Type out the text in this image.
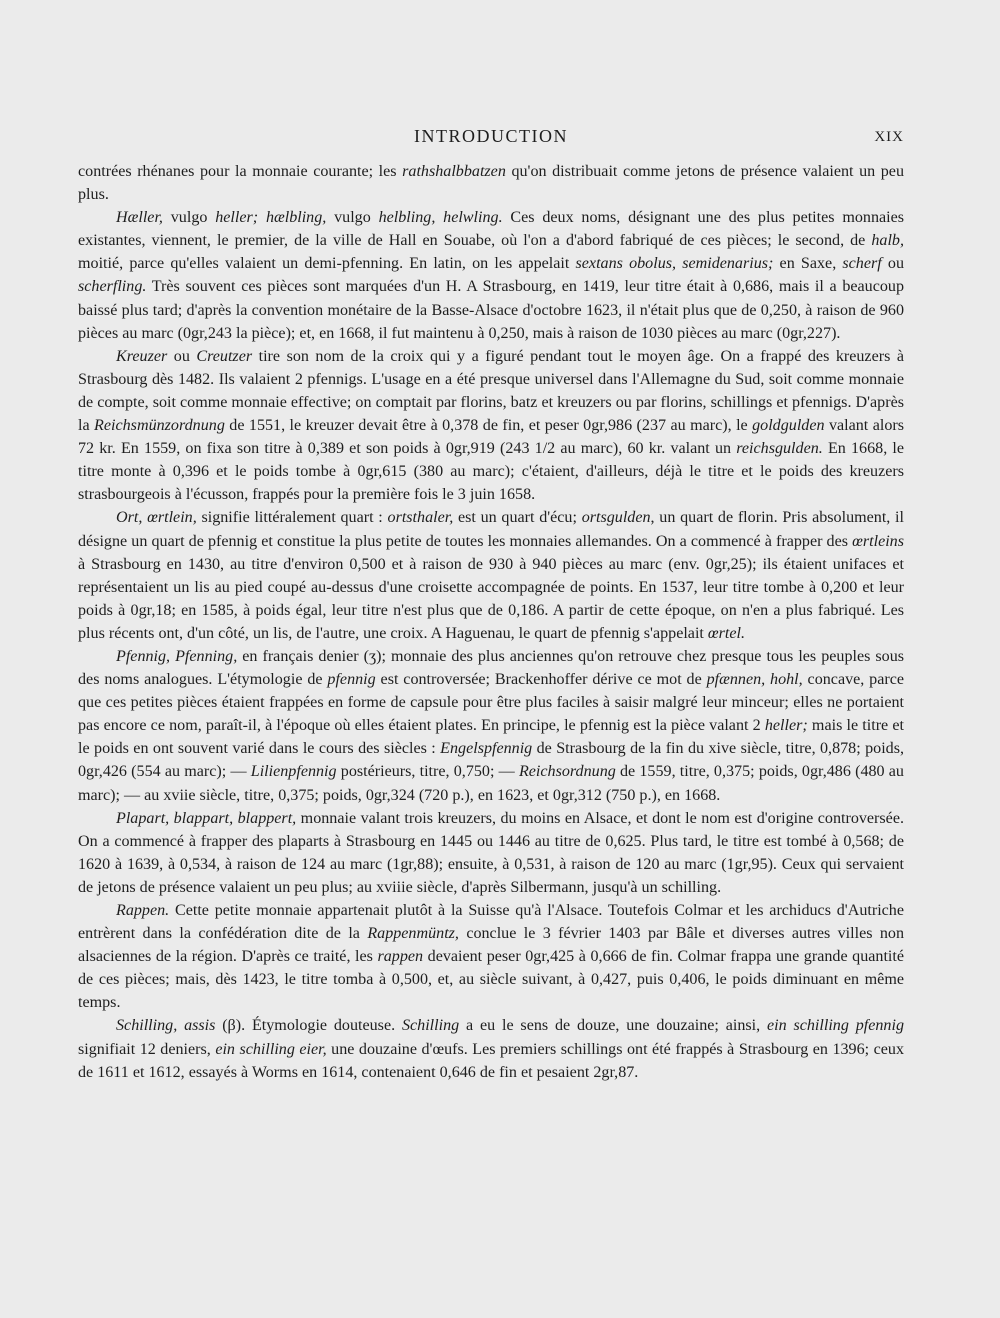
INTRODUCTION	XIX

contrées rhénanes pour la monnaie courante; les rathshalbbatzen qu'on distribuait comme jetons de présence valaient un peu plus.

Hæller, vulgo heller; hælbling, vulgo helbling, helwling. Ces deux noms, désignant une des plus petites monnaies existantes, viennent, le premier, de la ville de Hall en Souabe, où l'on a d'abord fabriqué de ces pièces; le second, de halb, moitié, parce qu'elles valaient un demi-pfenning. En latin, on les appelait sextans obolus, semidenarius; en Saxe, scherf ou scherfling. Très souvent ces pièces sont marquées d'un H. A Strasbourg, en 1419, leur titre était à 0,686, mais il a beaucoup baissé plus tard; d'après la convention monétaire de la Basse-Alsace d'octobre 1623, il n'était plus que de 0,250, à raison de 960 pièces au marc (0gr,243 la pièce); et, en 1668, il fut maintenu à 0,250, mais à raison de 1030 pièces au marc (0gr,227).

Kreuzer ou Creutzer tire son nom de la croix qui y a figuré pendant tout le moyen âge. On a frappé des kreuzers à Strasbourg dès 1482. Ils valaient 2 pfennigs. L'usage en a été presque universel dans l'Allemagne du Sud, soit comme monnaie de compte, soit comme monnaie effective; on comptait par florins, batz et kreuzers ou par florins, schillings et pfennigs. D'après la Reichsmünzordnung de 1551, le kreuzer devait être à 0,378 de fin, et peser 0gr,986 (237 au marc), le goldgulden valant alors 72 kr. En 1559, on fixa son titre à 0,389 et son poids à 0gr,919 (243 1/2 au marc), 60 kr. valant un reichsgulden. En 1668, le titre monte à 0,396 et le poids tombe à 0gr,615 (380 au marc); c'étaient, d'ailleurs, déjà le titre et le poids des kreuzers strasbourgeois à l'écusson, frappés pour la première fois le 3 juin 1658.

Ort, œrtlein, signifie littéralement quart : ortsthaler, est un quart d'écu; ortsgulden, un quart de florin. Pris absolument, il désigne un quart de pfennig et constitue la plus petite de toutes les monnaies allemandes. On a commencé à frapper des œrtleins à Strasbourg en 1430, au titre d'environ 0,500 et à raison de 930 à 940 pièces au marc (env. 0gr,25); ils étaient unifaces et représentaient un lis au pied coupé au-dessus d'une croisette accompagnée de points. En 1537, leur titre tombe à 0,200 et leur poids à 0gr,18; en 1585, à poids égal, leur titre n'est plus que de 0,186. A partir de cette époque, on n'en a plus fabriqué. Les plus récents ont, d'un côté, un lis, de l'autre, une croix. A Haguenau, le quart de pfennig s'appelait œrtel.

Pfennig, Pfenning, en français denier (ʒ); monnaie des plus anciennes qu'on retrouve chez presque tous les peuples sous des noms analogues. L'étymologie de pfennig est controversée; Brackenhoffer dérive ce mot de pfænnen, hohl, concave, parce que ces petites pièces étaient frappées en forme de capsule pour être plus faciles à saisir malgré leur minceur; elles ne portaient pas encore ce nom, paraît-il, à l'époque où elles étaient plates. En principe, le pfennig est la pièce valant 2 heller; mais le titre et le poids en ont souvent varié dans le cours des siècles : Engelspfennig de Strasbourg de la fin du xive siècle, titre, 0,878; poids, 0gr,426 (554 au marc); — Lilienpfennig postérieurs, titre, 0,750; — Reichsordnung de 1559, titre, 0,375; poids, 0gr,486 (480 au marc); — au xviie siècle, titre, 0,375; poids, 0gr,324 (720 p.), en 1623, et 0gr,312 (750 p.), en 1668.

Plapart, blappart, blappert, monnaie valant trois kreuzers, du moins en Alsace, et dont le nom est d'origine controversée. On a commencé à frapper des plaparts à Strasbourg en 1445 ou 1446 au titre de 0,625. Plus tard, le titre est tombé à 0,568; de 1620 à 1639, à 0,534, à raison de 124 au marc (1gr,88); ensuite, à 0,531, à raison de 120 au marc (1gr,95). Ceux qui servaient de jetons de présence valaient un peu plus; au xviiie siècle, d'après Silbermann, jusqu'à un schilling.

Rappen. Cette petite monnaie appartenait plutôt à la Suisse qu'à l'Alsace. Toutefois Colmar et les archiducs d'Autriche entrèrent dans la confédération dite de la Rappenmüntz, conclue le 3 février 1403 par Bâle et diverses autres villes non alsaciennes de la région. D'après ce traité, les rappen devaient peser 0gr,425 à 0,666 de fin. Colmar frappa une grande quantité de ces pièces; mais, dès 1423, le titre tomba à 0,500, et, au siècle suivant, à 0,427, puis 0,406, le poids diminuant en même temps.

Schilling, assis (β). Étymologie douteuse. Schilling a eu le sens de douze, une douzaine; ainsi, ein schilling pfennig signifiait 12 deniers, ein schilling eier, une douzaine d'œufs. Les premiers schillings ont été frappés à Strasbourg en 1396; ceux de 1611 et 1612, essayés à Worms en 1614, contenaient 0,646 de fin et pesaient 2gr,87.
